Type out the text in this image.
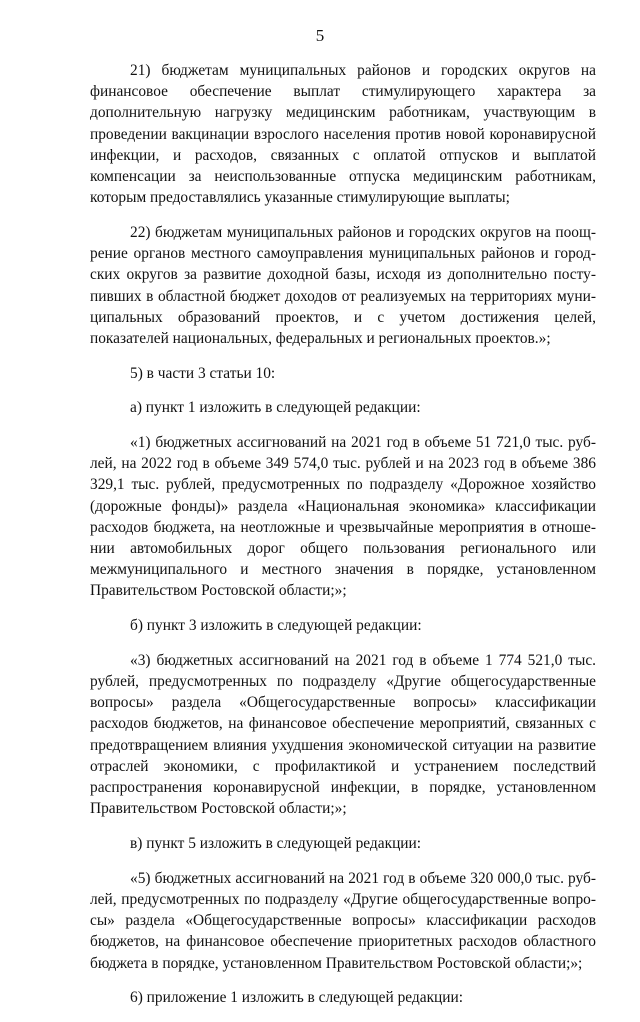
5

21) бюджетам муниципальных районов и городских округов на финансовое обеспечение выплат стимулирующего характера за дополнительную нагрузку медицинским работникам, участвующим в проведении вакцинации взрослого населения против новой коронавирусной инфекции, и расходов, связанных с оплатой отпусков и выплатой компенсации за неиспользованные отпуска медицинским работникам, которым предоставлялись указанные стимулирующие выплаты;

22) бюджетам муниципальных районов и городских округов на поощрение органов местного самоуправления муниципальных районов и городских округов за развитие доходной базы, исходя из дополнительно поступивших в областной бюджет доходов от реализуемых на территориях муниципальных образований проектов, и с учетом достижения целей, показателей национальных, федеральных и региональных проектов.»;

5) в части 3 статьи 10:

а) пункт 1 изложить в следующей редакции:

«1) бюджетных ассигнований на 2021 год в объеме 51 721,0 тыс. рублей, на 2022 год в объеме 349 574,0 тыс. рублей и на 2023 год в объеме 386 329,1 тыс. рублей, предусмотренных по подразделу «Дорожное хозяйство (дорожные фонды)» раздела «Национальная экономика» классификации расходов бюджета, на неотложные и чрезвычайные мероприятия в отношении автомобильных дорог общего пользования регионального или межмуниципального и местного значения в порядке, установленном Правительством Ростовской области;»;

б) пункт 3 изложить в следующей редакции:

«3) бюджетных ассигнований на 2021 год в объеме 1 774 521,0 тыс. рублей, предусмотренных по подразделу «Другие общегосударственные вопросы» раздела «Общегосударственные вопросы» классификации расходов бюджетов, на финансовое обеспечение мероприятий, связанных с предотвращением влияния ухудшения экономической ситуации на развитие отраслей экономики, с профилактикой и устранением последствий распространения коронавирусной инфекции, в порядке, установленном Правительством Ростовской области;»;

в) пункт 5 изложить в следующей редакции:

«5) бюджетных ассигнований на 2021 год в объеме 320 000,0 тыс. рублей, предусмотренных по подразделу «Другие общегосударственные вопросы» раздела «Общегосударственные вопросы» классификации расходов бюджетов, на финансовое обеспечение приоритетных расходов областного бюджета в порядке, установленном Правительством Ростовской области;»;

6) приложение 1 изложить в следующей редакции:
